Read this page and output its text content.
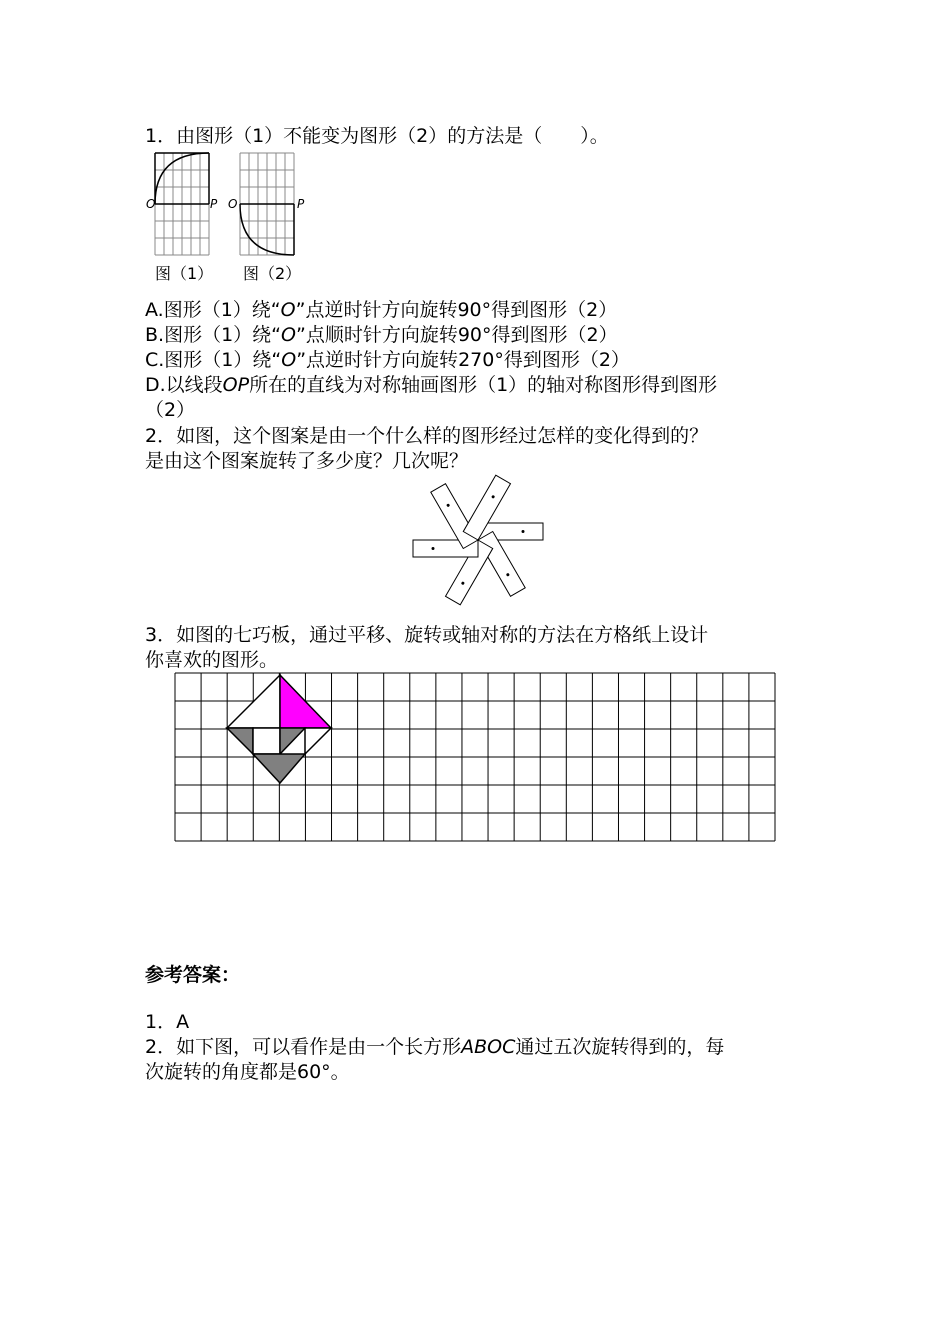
1．由图形（1）不能变为图形（2）的方法是（　　）。
O	P
图（1）
O	P
图（2）
A.图形（1）绕“O”点逆时针方向旋转90°得到图形（2）
B.图形（1）绕“O”点顺时针方向旋转90°得到图形（2）
C.图形（1）绕“O”点逆时针方向旋转270°得到图形（2）
D.以线段OP所在的直线为对称轴画图形（1）的轴对称图形得到图形
（2）
2．如图，这个图案是由一个什么样的图形经过怎样的变化得到的？
是由这个图案旋转了多少度？几次呢？
3．如图的七巧板，通过平移、旋转或轴对称的方法在方格纸上设计
你喜欢的图形。
参考答案：
1．A
2．如下图，可以看作是由一个长方形ABOC通过五次旋转得到的，每
次旋转的角度都是60°。
